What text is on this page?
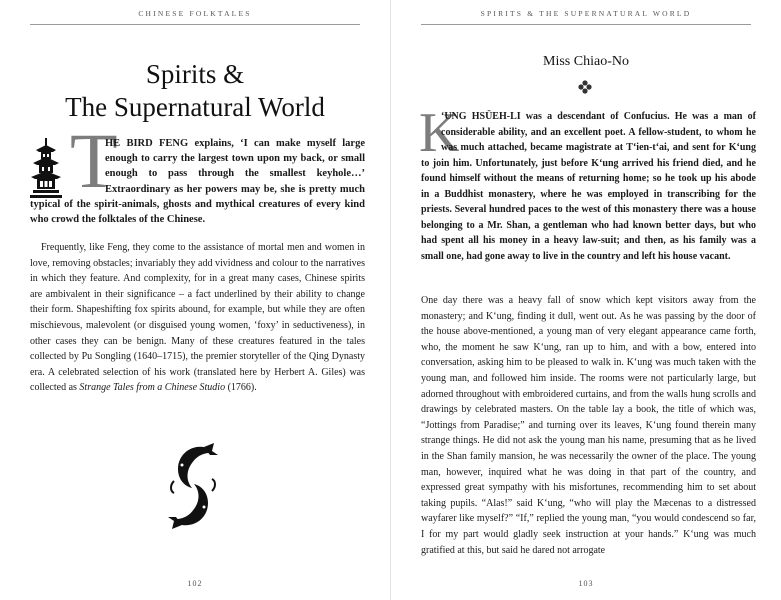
CHINESE FOLKTALES
Spirits &
The Supernatural World
T
HE BIRD FENG explains, ‘I can make myself large enough to carry the largest town upon my back, or small enough to pass through the smallest keyhole…’ Extraordinary as her powers may be, she is pretty much typical of the spirit-animals, ghosts and mythical creatures of every kind who crowd the folktales of the Chinese.

Frequently, like Feng, they come to the assistance of mortal men and women in love, removing obstacles; invariably they add vividness and colour to the narratives in which they feature. And complexity, for in a great many cases, Chinese spirits are ambivalent in their significance – a fact underlined by their ability to change their form. Shapeshifting fox spirits abound, for example, but while they are often mischievous, malevolent (or disguised young women, ‘foxy’ in seductiveness), in other cases they can be benign. Many of these creatures featured in the tales collected by Pu Songling (1640–1715), the premier storyteller of the Qing Dynasty era. A celebrated selection of his work (translated here by Herbert A. Giles) was collected as Strange Tales from a Chinese Studio (1766).

102
SPIRITS & THE SUPERNATURAL WORLD
Miss Chiao-No
K
‘UNG HSÜEH-LI was a descendant of Confucius. He was a man of considerable ability, and an excellent poet. A fellow-student, to whom he was much attached, became magistrate at T‘ien-t‘ai, and sent for K‘ung to join him. Unfortunately, just before K‘ung arrived his friend died, and he found himself without the means of returning home; so he took up his abode in a Buddhist monastery, where he was employed in transcribing for the priests. Several hundred paces to the west of this monastery there was a house belonging to a Mr. Shan, a gentleman who had known better days, but who had spent all his money in a heavy law-suit; and then, as his family was a small one, had gone away to live in the country and left his house vacant.

One day there was a heavy fall of snow which kept visitors away from the monastery; and K‘ung, finding it dull, went out. As he was passing by the door of the house above-mentioned, a young man of very elegant appearance came forth, who, the moment he saw K‘ung, ran up to him, and with a bow, entered into conversation, asking him to be pleased to walk in. K‘ung was much taken with the young man, and followed him inside. The rooms were not particularly large, but adorned throughout with embroidered curtains, and from the walls hung scrolls and drawings by celebrated masters. On the table lay a book, the title of which was, “Jottings from Paradise;” and turning over its leaves, K‘ung found therein many strange things. He did not ask the young man his name, presuming that as he lived in the Shan family mansion, he was necessarily the owner of the place. The young man, however, inquired what he was doing in that part of the country, and expressed great sympathy with his misfortunes, recommending him to set about taking pupils. “Alas!” said K‘ung, “who will play the Mæcenas to a distressed wayfarer like myself?” “If,” replied the young man, “you would condescend so far, I for my part would gladly seek instruction at your hands.” K‘ung was much gratified at this, but said he dared not arrogate

103
